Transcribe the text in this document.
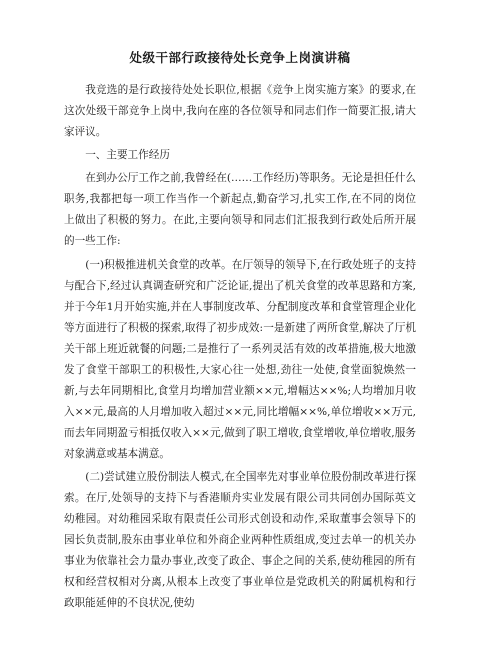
处级干部行政接待处长竞争上岗演讲稿

我竞选的是行政接待处处长职位,根据《竞争上岗实施方案》的要求,在这次处级干部竞争上岗中,我向在座的各位领导和同志们作一简要汇报,请大家评议。

一、主要工作经历

在到办公厅工作之前,我曾经在(……工作经历)等职务。无论是担任什么职务,我都把每一项工作当作一个新起点,勤奋学习,扎实工作,在不同的岗位上做出了积极的努力。在此,主要向领导和同志们汇报我到行政处后所开展的一些工作:

(一)积极推进机关食堂的改革。在厅领导的领导下,在行政处班子的支持与配合下,经过认真调查研究和广泛论证,提出了机关食堂的改革思路和方案,并于今年1月开始实施,并在人事制度改革、分配制度改革和食堂管理企业化等方面进行了积极的探索,取得了初步成效:一是新建了两所食堂,解决了厅机关干部上班近就餐的问题;二是推行了一系列灵活有效的改革措施,极大地激发了食堂干部职工的积极性,大家心往一处想,劲往一处使,食堂面貌焕然一新,与去年同期相比,食堂月均增加营业额××元,增幅达××%;人均增加月收入××元,最高的人月增加收入超过××元,同比增幅××%,单位增收××万元,而去年同期盈亏相抵仅收入××元,做到了职工增收,食堂增收,单位增收,服务对象满意或基本满意。

(二)尝试建立股份制法人模式,在全国率先对事业单位股份制改革进行探索。在厅,处领导的支持下与香港顺舟实业发展有限公司共同创办国际英文幼稚园。对幼稚园采取有限责任公司形式创设和动作,采取董事会领导下的园长负责制,股东由事业单位和外商企业两种性质组成,变过去单一的机关办事业为依靠社会力量办事业,改变了政企、事企之间的关系,使幼稚园的所有权和经营权相对分离,从根本上改变了事业单位是党政机关的附属机构和行政职能延伸的不良状况,使幼
